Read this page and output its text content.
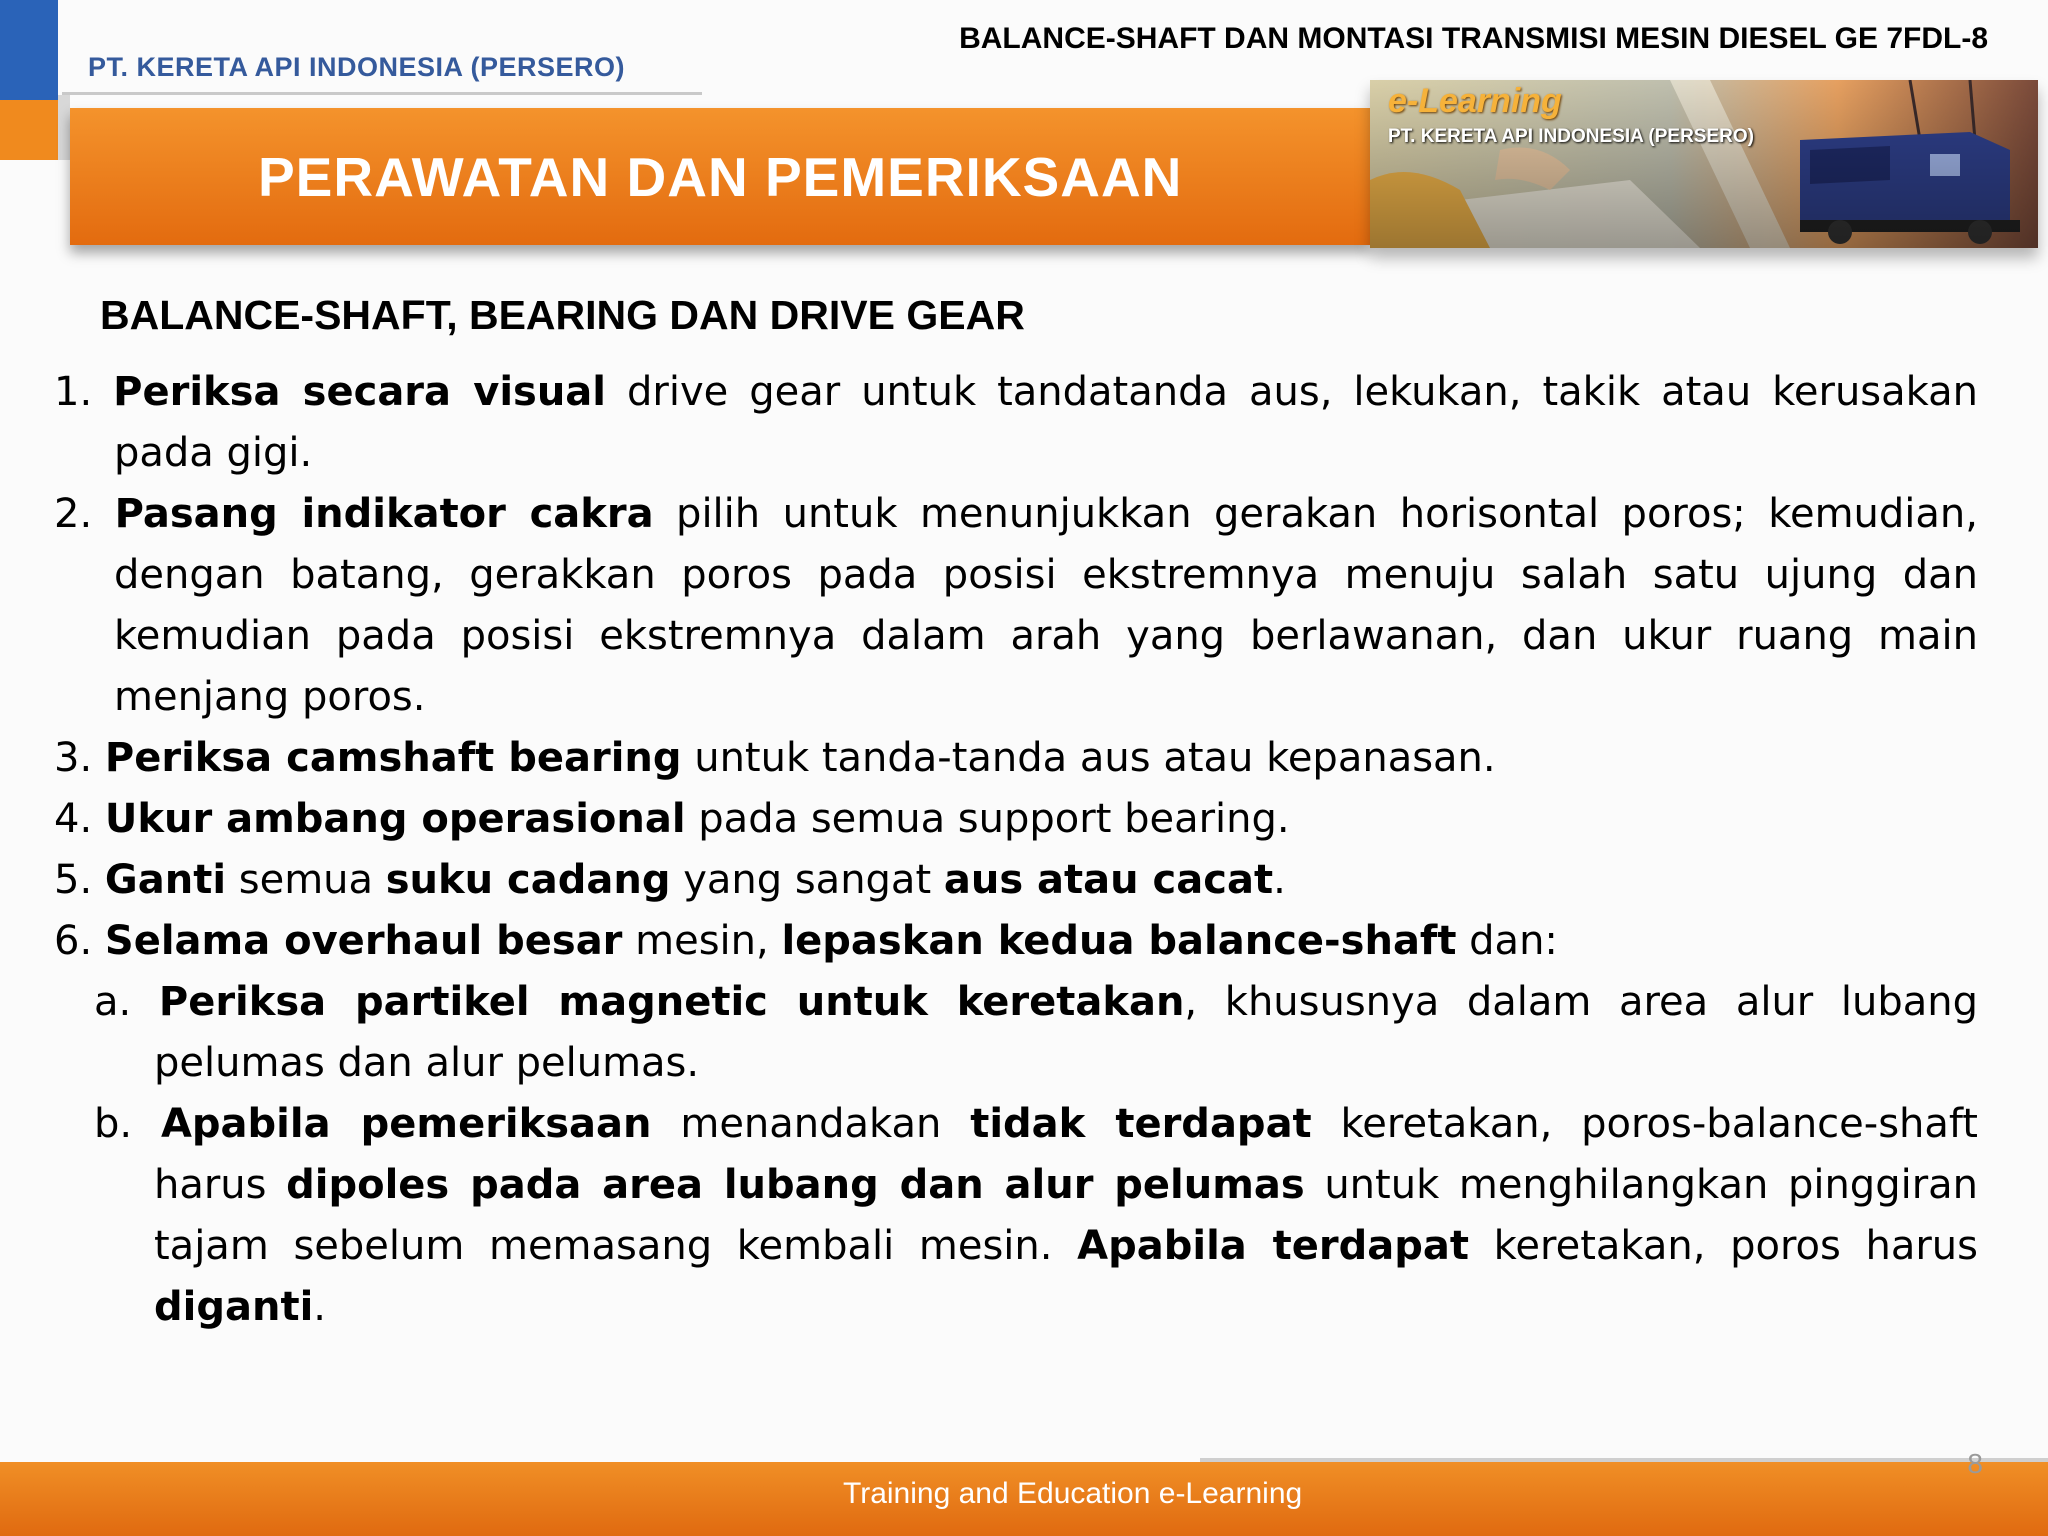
PT. KERETA API INDONESIA (PERSERO)
BALANCE-SHAFT DAN MONTASI TRANSMISI MESIN DIESEL GE 7FDL-8
PERAWATAN DAN PEMERIKSAAN
e-Learning
PT. KERETA API INDONESIA (PERSERO)
BALANCE-SHAFT, BEARING DAN DRIVE GEAR
1. Periksa secara visual drive gear untuk tandatanda aus, lekukan, takik atau kerusakan pada gigi.
2. Pasang indikator cakra pilih untuk menunjukkan gerakan horisontal poros; kemudian, dengan batang, gerakkan poros pada posisi ekstremnya menuju salah satu ujung dan kemudian pada posisi ekstremnya dalam arah yang berlawanan, dan ukur ruang main menjang poros.
3. Periksa camshaft bearing untuk tanda-tanda aus atau kepanasan.
4. Ukur ambang operasional pada semua support bearing.
5. Ganti semua suku cadang yang sangat aus atau cacat.
6. Selama overhaul besar mesin, lepaskan kedua balance-shaft dan:
a. Periksa partikel magnetic untuk keretakan, khususnya dalam area alur lubang pelumas dan alur pelumas.
b. Apabila pemeriksaan menandakan tidak terdapat keretakan, poros-balance-shaft harus dipoles pada area lubang dan alur pelumas untuk menghilangkan pinggiran tajam sebelum memasang kembali mesin. Apabila terdapat keretakan, poros harus diganti.
Training and Education e-Learning
8
